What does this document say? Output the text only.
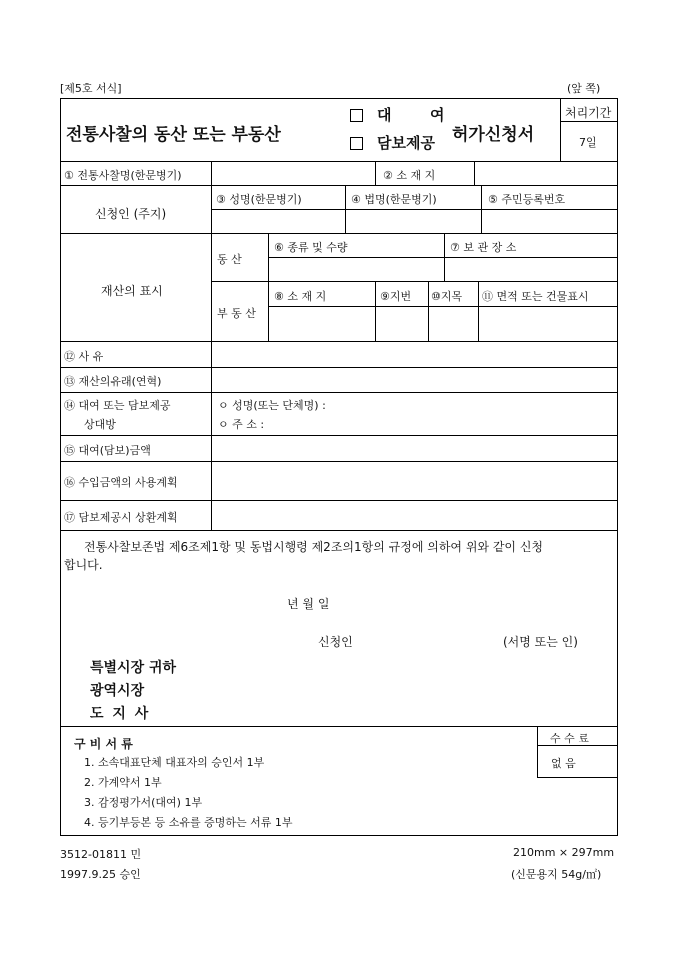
[제5호 서식]	(앞 쪽)
전통사찰의 동산 또는 부동산
대	여
담보제공 허가신청서
처리기간
7일
① 전통사찰명(한문병기)	② 소 재 지
신청인 (주지)
③ 성명(한문병기)	④ 법명(한문병기)	⑤ 주민등록번호
재산의 표시
동 산
⑥ 종류 및 수량	⑦ 보 관 장 소
부 동 산
⑧ 소 재 지	⑨지번 ⑩지목 ⑪ 면적 또는 건물표시
⑫ 사 유
⑬ 재산의유래(연혁)
⑭ 대여 또는 담보제공
상대방
ㅇ 성명(또는 단체명) :
ㅇ 주 소 :
⑮ 대여(담보)금액
⑯ 수입금액의 사용계획
⑰ 담보제공시 상환계획
전통사찰보존법 제6조제1항 및 동법시행령 제2조의1항의 규정에 의하여 위와 같이 신청
합니다.
년 월 일
신청인	(서명 또는 인)
특별시장 귀하
광역시장
도 지 사
구 비 서 류
1. 소속대표단체 대표자의 승인서 1부
2. 가계약서 1부
3. 감정평가서(대여) 1부
4. 등기부등본 등 소유를 증명하는 서류 1부
수 수 료
없 음
3512-01811 민
1997.9.25 승인
210mm × 297mm
(신문용지 54g/㎡)
